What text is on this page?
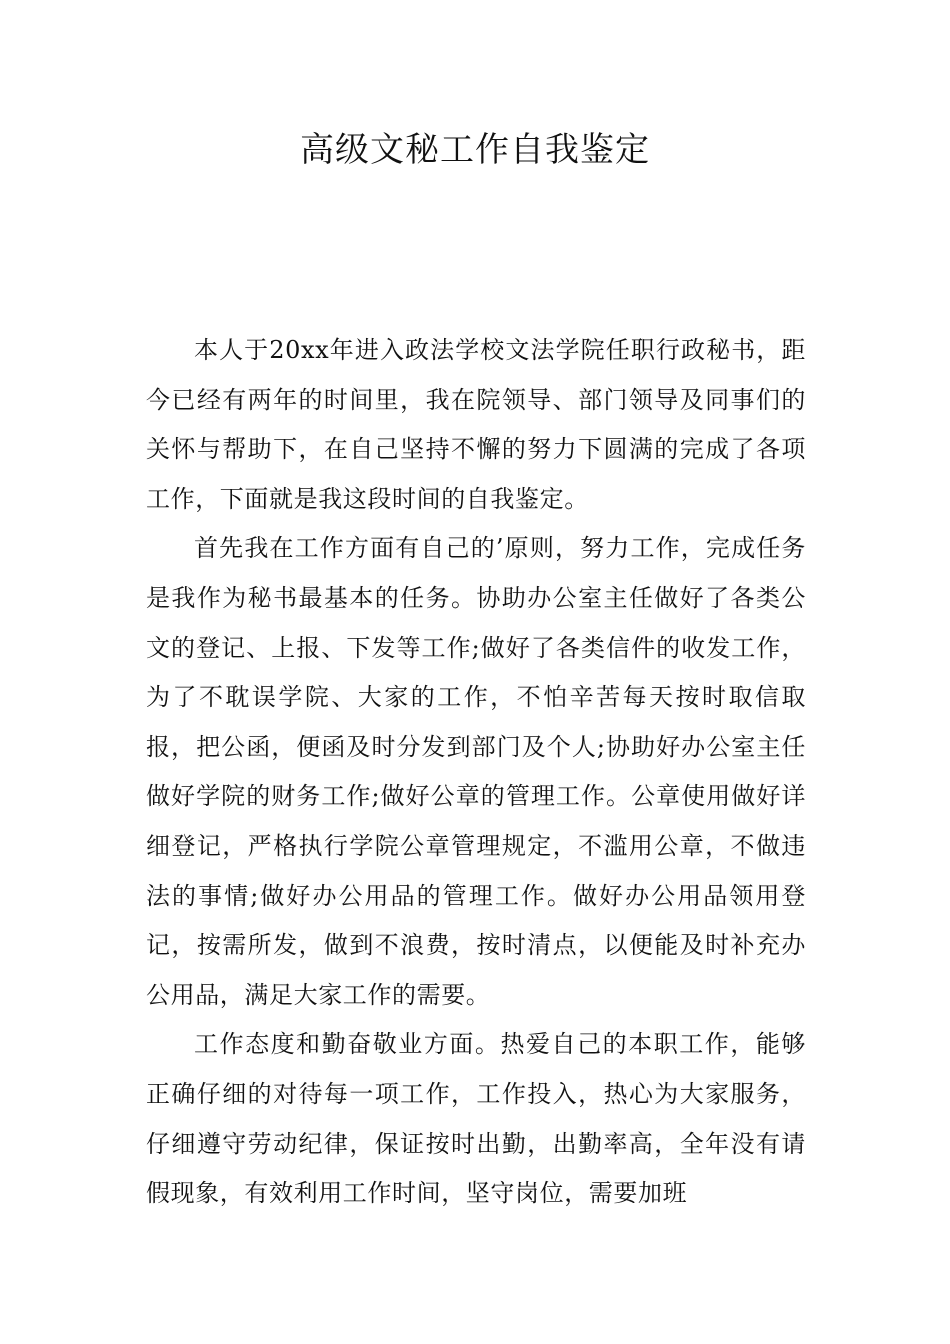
高级文秘工作自我鉴定

本人于20xx年进入政法学校文法学院任职行政秘书，距今已经有两年的时间里，我在院领导、部门领导及同事们的关怀与帮助下，在自己坚持不懈的努力下圆满的完成了各项工作，下面就是我这段时间的自我鉴定。

首先我在工作方面有自己的’原则，努力工作，完成任务是我作为秘书最基本的任务。协助办公室主任做好了各类公文的登记、上报、下发等工作;做好了各类信件的收发工作，为了不耽误学院、大家的工作，不怕辛苦每天按时取信取报，把公函，便函及时分发到部门及个人;协助好办公室主任做好学院的财务工作;做好公章的管理工作。公章使用做好详细登记，严格执行学院公章管理规定，不滥用公章，不做违法的事情;做好办公用品的管理工作。做好办公用品领用登记，按需所发，做到不浪费，按时清点，以便能及时补充办公用品，满足大家工作的需要。

工作态度和勤奋敬业方面。热爱自己的本职工作，能够正确仔细的对待每一项工作，工作投入，热心为大家服务，仔细遵守劳动纪律，保证按时出勤，出勤率高，全年没有请假现象，有效利用工作时间，坚守岗位，需要加班
